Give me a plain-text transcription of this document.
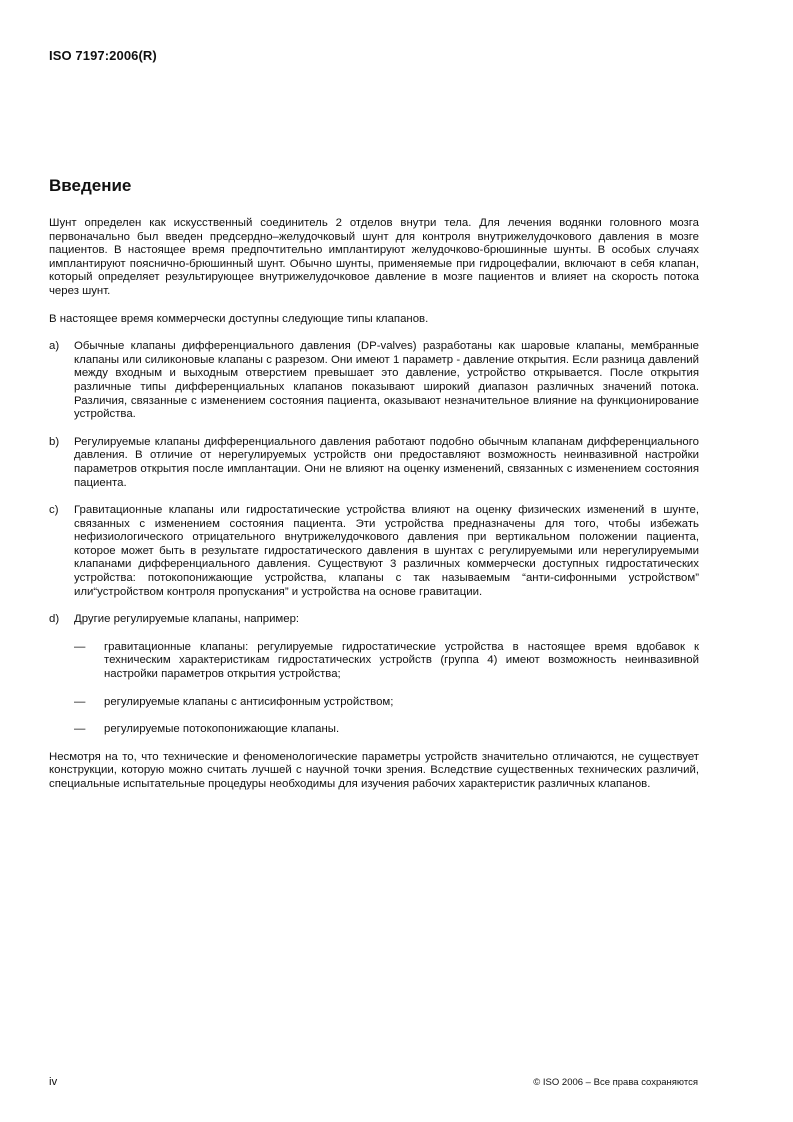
ISO 7197:2006(R)
Введение

Шунт определен как искусственный соединитель 2 отделов внутри тела. Для лечения водянки головного мозга первоначально был введен предсердно–желудочковый шунт для контроля внутрижелудочкового давления в мозге пациентов. В настоящее время предпочтительно имплантируют желудочково-брюшинные шунты. В особых случаях имплантируют пояснично-брюшинный шунт. Обычно шунты, применяемые при гидроцефалии, включают в себя клапан, который определяет результирующее внутрижелудочковое давление в мозге пациентов и влияет на скорость потока через шунт.

В настоящее время коммерчески доступны следующие типы клапанов.

a) Обычные клапаны дифференциального давления (DP-valves) разработаны как шаровые клапаны, мембранные клапаны или силиконовые клапаны с разрезом. Они имеют 1 параметр - давление открытия. Если разница давлений между входным и выходным отверстием превышает это давление, устройство открывается. После открытия различные типы дифференциальных клапанов показывают широкий диапазон различных значений потока. Различия, связанные с изменением состояния пациента, оказывают незначительное влияние на функционирование устройства.
b) Регулируемые клапаны дифференциального давления работают подобно обычным клапанам дифференциального давления. В отличие от нерегулируемых устройств они предоставляют возможность неинвазивной настройки параметров открытия после имплантации. Они не влияют на оценку изменений, связанных с изменением состояния пациента.
c) Гравитационные клапаны или гидростатические устройства влияют на оценку физических изменений в шунте, связанных с изменением состояния пациента. Эти устройства предназначены для того, чтобы избежать нефизиологического отрицательного внутрижелудочкового давления при вертикальном положении пациента, которое может быть в результате гидростатического давления в шунтах с регулируемыми или нерегулируемыми клапанами дифференциального давления. Существуют 3 различных коммерчески доступных гидростатических устройства: потокопонижающие устройства, клапаны с так называемым “анти-сифонными устройством” или“устройством контроля пропускания” и устройства на основе гравитации.
d) Другие регулируемые клапаны, например:
— гравитационные клапаны: регулируемые гидростатические устройства в настоящее время вдобавок к техническим характеристикам гидростатических устройств (группа 4) имеют возможность неинвазивной настройки параметров открытия устройства;
— регулируемые клапаны с антисифонным устройством;
— регулируемые потокопонижающие клапаны.

Несмотря на то, что технические и феноменологические параметры устройств значительно отличаются, не существует конструкции, которую можно считать лучшей с научной точки зрения. Вследствие существенных технических различий, специальные испытательные процедуры необходимы для изучения рабочих характеристик различных клапанов.

iv	© ISO 2006 – Все права сохраняются
